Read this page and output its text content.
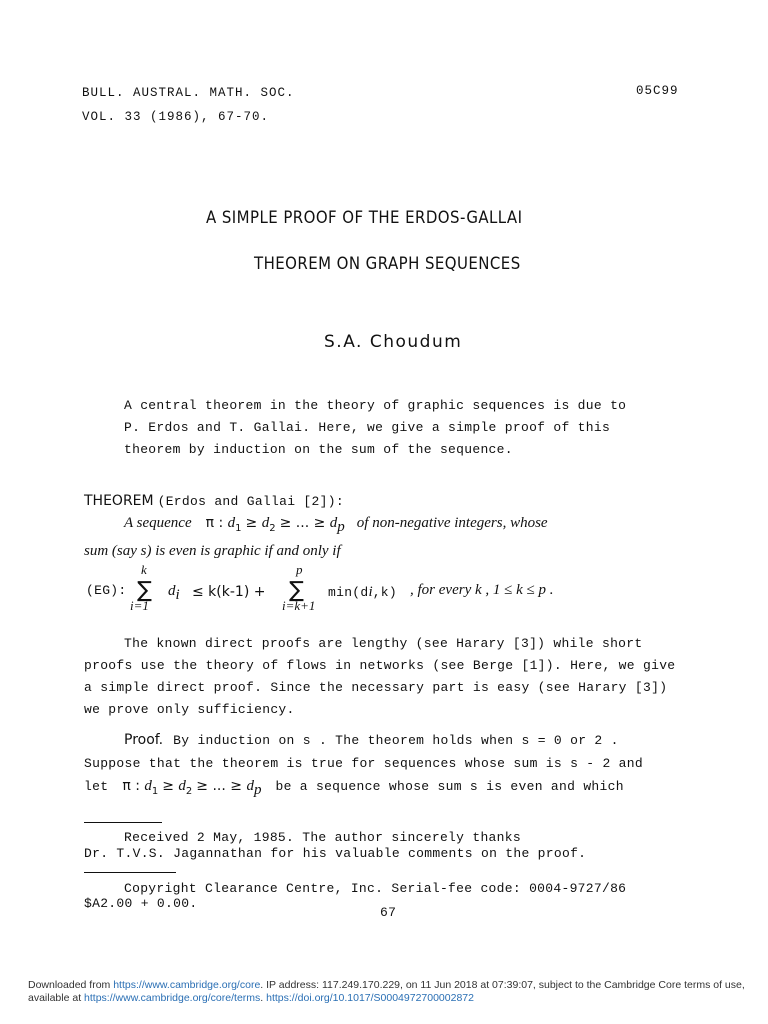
BULL. AUSTRAL. MATH. SOC.
VOL. 33 (1986), 67-70.
05C99
A SIMPLE PROOF OF THE ERDOS-GALLAI
THEOREM ON GRAPH SEQUENCES
S.A. Choudum
A central theorem in the theory of graphic sequences is due to
P. Erdos and T. Gallai. Here, we give a simple proof of this
theorem by induction on the sum of the sequence.
THEOREM (Erdos and Gallai [2]):
A sequence π : $d_1 \ge d_2$ ≥ ... ≥ dp of non-negative integers, whose
sum (say s) is even is graphic if and only if
(EG):
k
∑
i=1
di ≤ k(k-1) +
p
∑
i=k+1
min(di,k) , for every k , 1 ≤ k ≤ p .
The known direct proofs are lengthy (see Harary [3]) while short
proofs use the theory of flows in networks (see Berge [1]). Here, we give
a simple direct proof. Since the necessary part is easy (see Harary [3])
we prove only sufficiency.
Proof. By induction on s . The theorem holds when s = 0 or 2 .
Suppose that the theorem is true for sequences whose sum is s - 2 and
let π : $d_1 \ge d_2$ ≥ ... ≥ dp be a sequence whose sum s is even and which
Received 2 May, 1985. The author sincerely thanks
Dr. T.V.S. Jagannathan for his valuable comments on the proof.
Copyright Clearance Centre, Inc. Serial-fee code: 0004-9727/86
$A2.00 + 0.00.
67
Downloaded from https://www.cambridge.org/core. IP address: 117.249.170.229, on 11 Jun 2018 at 07:39:07, subject to the Cambridge Core terms of use,
available at https://www.cambridge.org/core/terms. https://doi.org/10.1017/S0004972700002872
